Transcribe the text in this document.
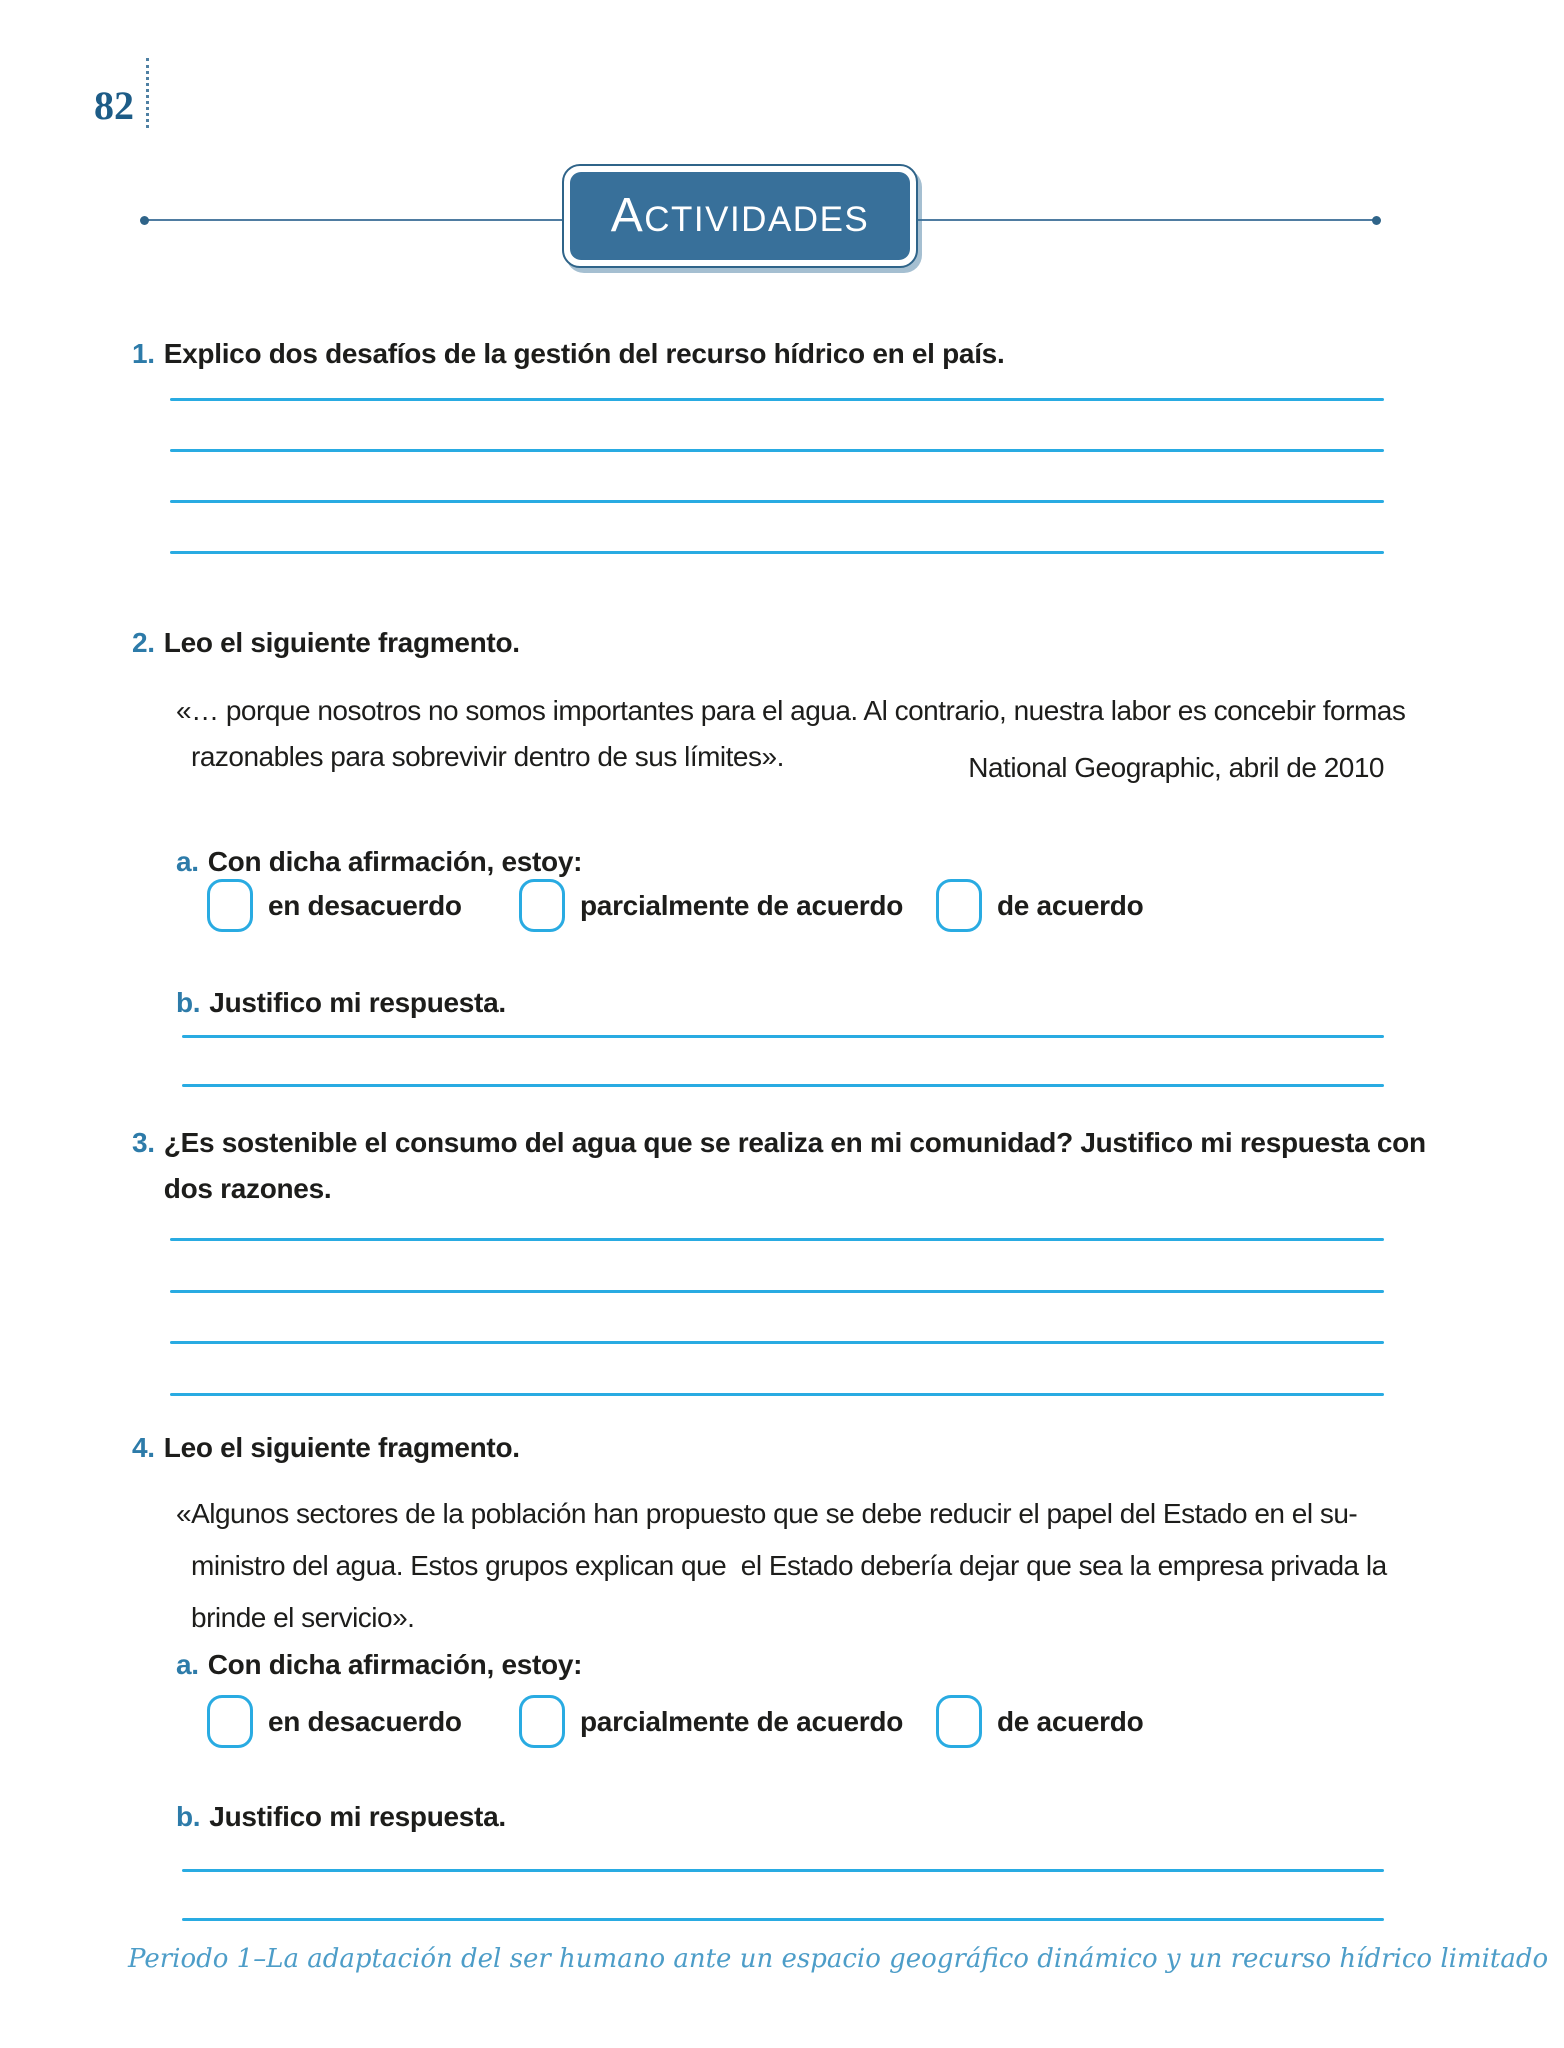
82
A CTIVIDADES
1. Explico dos desafíos de la gestión del recurso hídrico en el país.
2. Leo el siguiente fragmento.
«… porque nosotros no somos importantes para el agua. Al contrario, nuestra labor es concebir formas
razonables para sobrevivir dentro de sus límites».	National Geographic, abril de 2010
a. Con dicha afirmación, estoy:
en desacuerdo	parcialmente de acuerdo	de acuerdo
b. Justifico mi respuesta.
3. ¿Es sostenible el consumo del agua que se realiza en mi comunidad? Justifico mi respuesta con
dos razones.
4. Leo el siguiente fragmento.
«Algunos sectores de la población han propuesto que se debe reducir el papel del Estado en el su-
ministro del agua. Estos grupos explican que  el Estado debería dejar que sea la empresa privada la
brinde el servicio».
a. Con dicha afirmación, estoy:
en desacuerdo	parcialmente de acuerdo	de acuerdo
b. Justifico mi respuesta.
Periodo 1–La adaptación del ser humano ante un espacio geográfico dinámico y un recurso hídrico limitado
